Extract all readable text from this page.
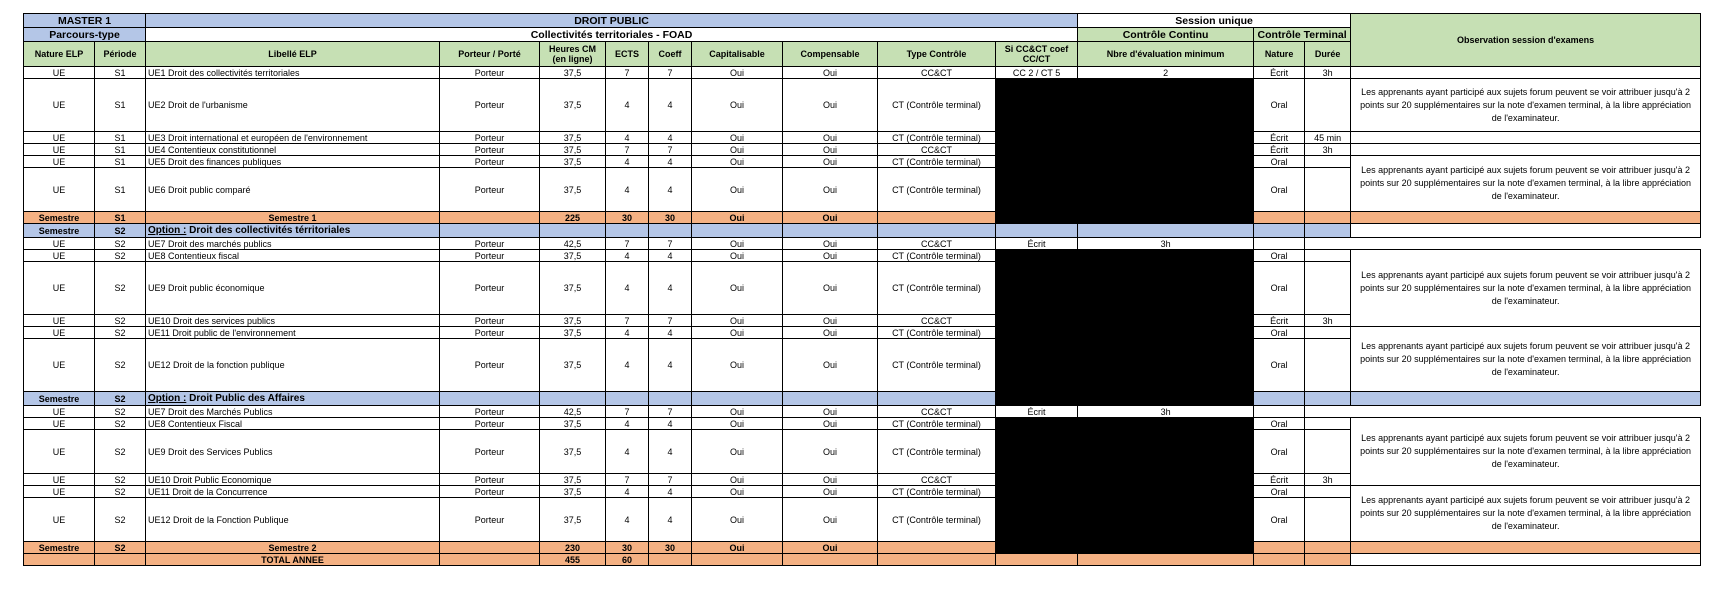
MASTER 1		DROIT PUBLIC									Session unique			Observation session d'examens	
Parcours-type		Collectivités territoriales - FOAD									Contrôle Continu	Contrôle Terminal			
Nature ELP	Période	Libellé ELP	Porteur / Porté	Heures CM (en ligne)	ECTS	Coeff	Capitalisable	Compensable	Type Contrôle	Si CC&CT coef CC/CT	Nbre d'évaluation minimum	Nature	Durée		
UE	S1	UE1 Droit des collectivités territoriales	Porteur	37,5	7	7	Oui	Oui	CC&CT	CC 2 / CT 5	2	Écrit	3h		
UE	S1	UE2 Droit de l'urbanisme	Porteur	37,5	4	4	Oui	Oui	CT (Contrôle terminal)			Oral		Les apprenants ayant participé aux sujets forum peuvent se voir attribuer jusqu'à 2 points sur 20 supplémentaires sur la note d'examen terminal, à la libre appréciation de l'examinateur.	
UE	S1	UE3 Droit international et européen de l'environnement	Porteur	37,5	4	4	Oui	Oui	CT (Contrôle terminal)			Écrit	45 min		
UE	S1	UE4 Contentieux constitutionnel	Porteur	37,5	7	7	Oui	Oui	CC&CT			Écrit	3h		
UE	S1	UE5 Droit des finances publiques	Porteur	37,5	4	4	Oui	Oui	CT (Contrôle terminal)			Oral		Les apprenants ayant participé aux sujets forum peuvent se voir attribuer jusqu'à 2 points sur 20 supplémentaires sur la note d'examen terminal, à la libre appréciation de l'examinateur.	
UE	S1	UE6 Droit public comparé	Porteur	37,5	4	4	Oui	Oui	CT (Contrôle terminal)			Oral			
Semestre	S1	Semestre 1		225	30	30	Oui	Oui							
Semestre	S2	Option : Droit des collectivités térritoriales													
UE	S2	UE7 Droit des marchés publics	Porteur	42,5	7	7	Oui	Oui	CC&CT	Écrit	3h				
UE	S2	UE8 Contentieux fiscal	Porteur	37,5	4	4	Oui	Oui	CT (Contrôle terminal)			Oral		Les apprenants ayant participé aux sujets forum peuvent se voir attribuer jusqu'à 2 points sur 20 supplémentaires sur la note d'examen terminal, à la libre appréciation de l'examinateur.	
UE	S2	UE9 Droit public économique	Porteur	37,5	4	4	Oui	Oui	CT (Contrôle terminal)			Oral			
UE	S2	UE10 Droit des services publics	Porteur	37,5	7	7	Oui	Oui	CC&CT			Écrit	3h		
UE	S2	UE11 Droit public de l'environnement	Porteur	37,5	4	4	Oui	Oui	CT (Contrôle terminal)			Oral		Les apprenants ayant participé aux sujets forum peuvent se voir attribuer jusqu'à 2 points sur 20 supplémentaires sur la note d'examen terminal, à la libre appréciation de l'examinateur.	
UE	S2	UE12 Droit de la fonction publique	Porteur	37,5	4	4	Oui	Oui	CT (Contrôle terminal)			Oral			
Semestre	S2	Option : Droit Public des Affaires													
UE	S2	UE7 Droit des Marchés Publics	Porteur	42,5	7	7	Oui	Oui	CC&CT	Écrit	3h				
UE	S2	UE8 Contentieux Fiscal	Porteur	37,5	4	4	Oui	Oui	CT (Contrôle terminal)			Oral		Les apprenants ayant participé aux sujets forum peuvent se voir attribuer jusqu'à 2 points sur 20 supplémentaires sur la note d'examen terminal, à la libre appréciation de l'examinateur.	
UE	S2	UE9 Droit des Services Publics	Porteur	37,5	4	4	Oui	Oui	CT (Contrôle terminal)			Oral			
UE	S2	UE10 Droit Public Economique	Porteur	37,5	7	7	Oui	Oui	CC&CT			Écrit	3h		
UE	S2	UE11 Droit de la Concurrence	Porteur	37,5	4	4	Oui	Oui	CT (Contrôle terminal)			Oral		Les apprenants ayant participé aux sujets forum peuvent se voir attribuer jusqu'à 2 points sur 20 supplémentaires sur la note d'examen terminal, à la libre appréciation de l'examinateur.	
UE	S2	UE12 Droit de la Fonction Publique	Porteur	37,5	4	4	Oui	Oui	CT (Contrôle terminal)			Oral			
Semestre	S2	Semestre 2		230	30	30	Oui	Oui							
		TOTAL ANNEE		455	60										
